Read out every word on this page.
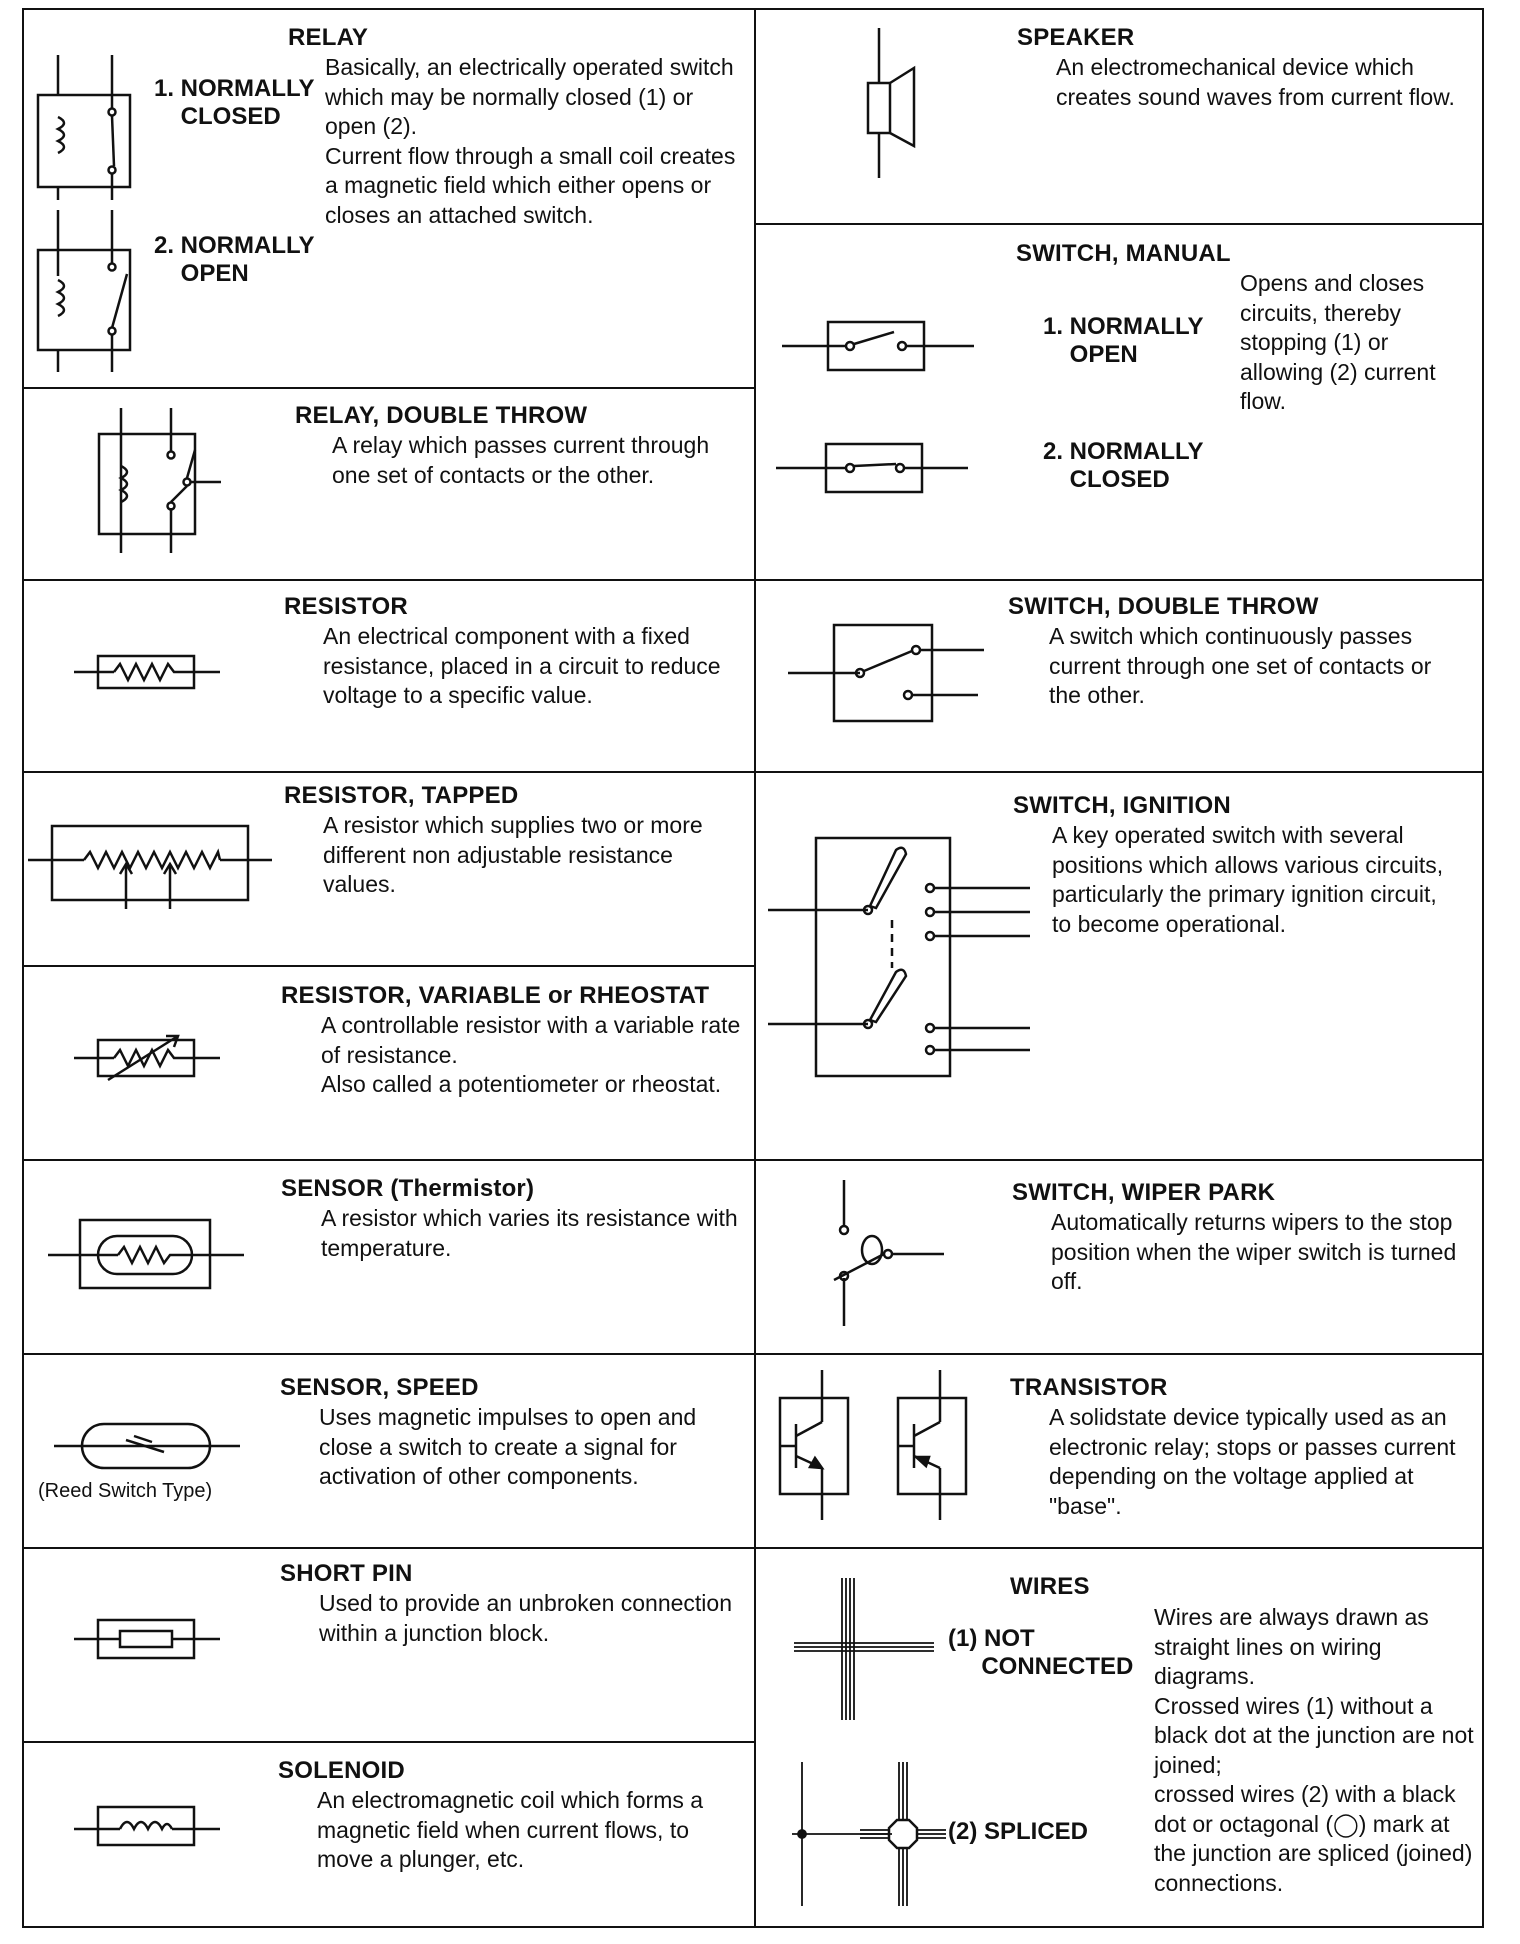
RELAY
Basically, an electrically operated switch which may be normally closed (1) or open (2).
Current flow through a small coil creates a magnetic field which either opens or closes an attached switch.
1. NORMALLY
CLOSED
2. NORMALLY
OPEN
RELAY, DOUBLE THROW
A relay which passes current through one set of contacts or the other.
RESISTOR
An electrical component with a fixed resistance, placed in a circuit to reduce voltage to a specific value.
RESISTOR, TAPPED
A resistor which supplies two or more different non adjustable resistance values.
RESISTOR, VARIABLE or RHEOSTAT
A controllable resistor with a variable rate of resistance.
Also called a potentiometer or rheostat.
SENSOR (Thermistor)
A resistor which varies its resistance with temperature.
SENSOR, SPEED
Uses magnetic impulses to open and close a switch to create a signal for activation of other components.
(Reed Switch Type)
SHORT PIN
Used to provide an unbroken connection within a junction block.
SOLENOID
An electromagnetic coil which forms a magnetic field when current flows, to move a plunger, etc.
SPEAKER
An electromechanical device which creates sound waves from current flow.
SWITCH, MANUAL
Opens and closes circuits, thereby stopping (1) or allowing (2) current flow.
1. NORMALLY
OPEN
2. NORMALLY
CLOSED
SWITCH, DOUBLE THROW
A switch which continuously passes current through one set of contacts or the other.
SWITCH, IGNITION
A key operated switch with several positions which allows various circuits, particularly the primary ignition circuit, to become operational.
SWITCH, WIPER PARK
Automatically returns wipers to the stop position when the wiper switch is turned off.
TRANSISTOR
A solidstate device typically used as an electronic relay; stops or passes current depending on the voltage applied at "base".
WIRES
Wires are always drawn as straight lines on wiring diagrams.
Crossed wires (1) without a black dot at the junction are not joined;
crossed wires (2) with a black dot or octagonal (◯) mark at the junction are spliced (joined) connections.
(1) NOT
CONNECTED
(2) SPLICED
